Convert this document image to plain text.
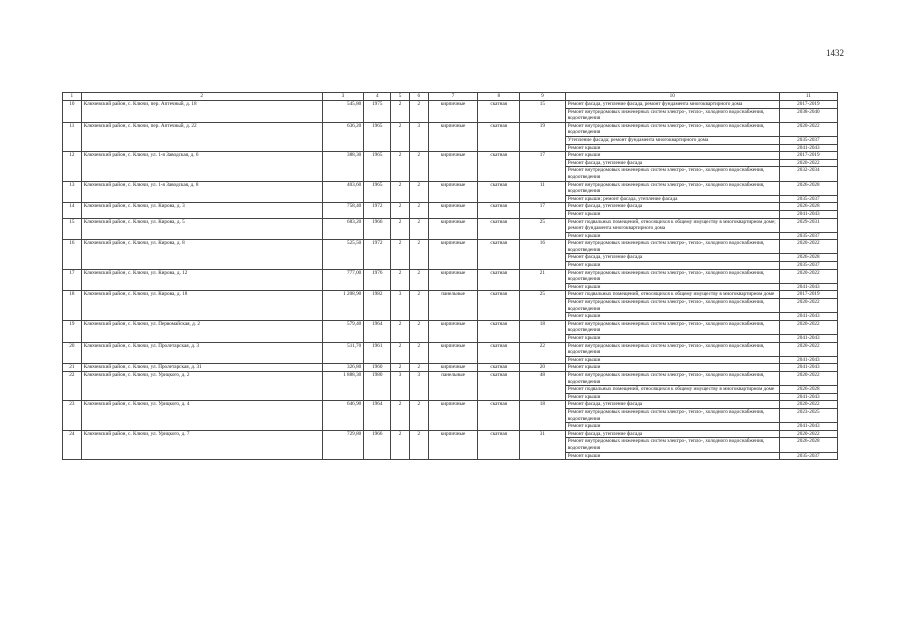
1432
1	2	3	4	5	6	7	8	9	10	11
10	Ключевский район, с. Ключи, пер. Аптечный, д. 18	545,80	1975	2	2	кирпичные	скатная	15	Ремонт фасада, утепление фасада, ремонт фундамента многоквартирного дома	2017-2019
									Ремонт внутридомовых инженерных систем электро-, тепло-, холодного водоснабжения, водоотведения	2038-2040
11	Ключевский район, с. Ключи, пер. Аптечный, д. 22	636,20	1965	2	3	кирпичные	скатная	19	Ремонт внутридомовых инженерных систем электро-, тепло-, холодного водоснабжения, водоотведения	2020-2022
									Утепление фасада; ремонт фундамента многоквартирного дома	2035-2037
									Ремонт крыши	2041-2043
12	Ключевский район, с. Ключи, ул. 1-я Заводская, д. 6	388,30	1965	2	2	кирпичные	скатная	17	Ремонт крыши	2017-2019
									Ремонт фасада, утепление фасада	2020-2022
									Ремонт внутридомовых инженерных систем электро-, тепло-, холодного водоснабжения, водоотведения	2032-2034
13	Ключевский район, с. Ключи, ул. 1-я Заводская, д. 8	403,60	1965	2	2	кирпичные	скатная	11	Ремонт внутридомовых инженерных систем электро-, тепло-, холодного водоснабжения, водоотведения	2026-2028
									Ремонт крыши; ремонт фасада, утепление фасада	2035-2037
14	Ключевский район, с. Ключи, ул. Кирова, д. 3	758,40	1972	2	2	кирпичные	скатная	17	Ремонт фасада, утепление фасада	2026-2028
									Ремонт крыши	2041-2043
15	Ключевский район, с. Ключи, ул. Кирова, д. 5	683,20	1966	2	2	кирпичные	скатная	25	Ремонт подвальных помещений, относящихся к общему имуществу в многоквартирном доме; ремонт фундамента многоквартирного дома	2029-2031
									Ремонт крыши	2035-2037
16	Ключевский район, с. Ключи, ул. Кирова, д. 8	525,50	1972	2	2	кирпичные	скатная	16	Ремонт внутридомовых инженерных систем электро-, тепло-, холодного водоснабжения, водоотведения	2020-2022
									Ремонт фасада, утепление фасада	2026-2028
									Ремонт крыши	2035-2037
17	Ключевский район, с. Ключи, ул. Кирова, д. 12	777,00	1976	2	2	кирпичные	скатная	21	Ремонт внутридомовых инженерных систем электро-, тепло-, холодного водоснабжения, водоотведения	2020-2022
									Ремонт крыши	2041-2043
18	Ключевский район, с. Ключи, ул. Кирова, д. 18	1 208,90	1982	3	2	панельные	скатная	25	Ремонт подвальных помещений, относящихся к общему имуществу в многоквартирном доме	2017-2019
									Ремонт внутридомовых инженерных систем электро-, тепло-, холодного водоснабжения, водоотведения	2020-2022
									Ремонт крыши	2041-2043
19	Ключевский район, с. Ключи, ул. Первомайская, д. 2	579,40	1964	2	2	кирпичные	скатная	18	Ремонт внутридомовых инженерных систем электро-, тепло-, холодного водоснабжения, водоотведения	2020-2022
									Ремонт крыши	2041-2043
20	Ключевский район, с. Ключи, ул. Пролетарская, д. 3	511,70	1961	2	2	кирпичные	скатная	22	Ремонт внутридомовых инженерных систем электро-, тепло-, холодного водоснабжения, водоотведения	2020-2022
									Ремонт крыши	2041-2043
21	Ключевский район, с. Ключи, ул. Пролетарская, д. 31	326,80	1960	2	2	кирпичные	скатная	20	Ремонт крыши	2041-2043
22	Ключевский район, с. Ключи, ул. Урицкого, д. 2	1 888,30	1980	3	3	панельные	скатная	48	Ремонт внутридомовых инженерных систем электро-, тепло-, холодного водоснабжения, водоотведения	2020-2022
									Ремонт подвальных помещений, относящихся к общему имуществу в многоквартирном доме	2026-2028
									Ремонт крыши	2041-2043
23	Ключевский район, с. Ключи, ул. Урицкого, д. 4	646,90	1964	2	2	кирпичные	скатная	18	Ремонт фасада, утепление фасада	2020-2022
									Ремонт внутридомовых инженерных систем электро-, тепло-, холодного водоснабжения, водоотведения	2023-2025
									Ремонт крыши	2041-2043
24	Ключевский район, с. Ключи, ул. Урицкого, д. 7	729,80	1966	2	2	кирпичные	скатная	31	Ремонт фасада, утепление фасада	2020-2022
									Ремонт внутридомовых инженерных систем электро-, тепло-, холодного водоснабжения, водоотведения	2026-2028
									Ремонт крыши	2035-2037
